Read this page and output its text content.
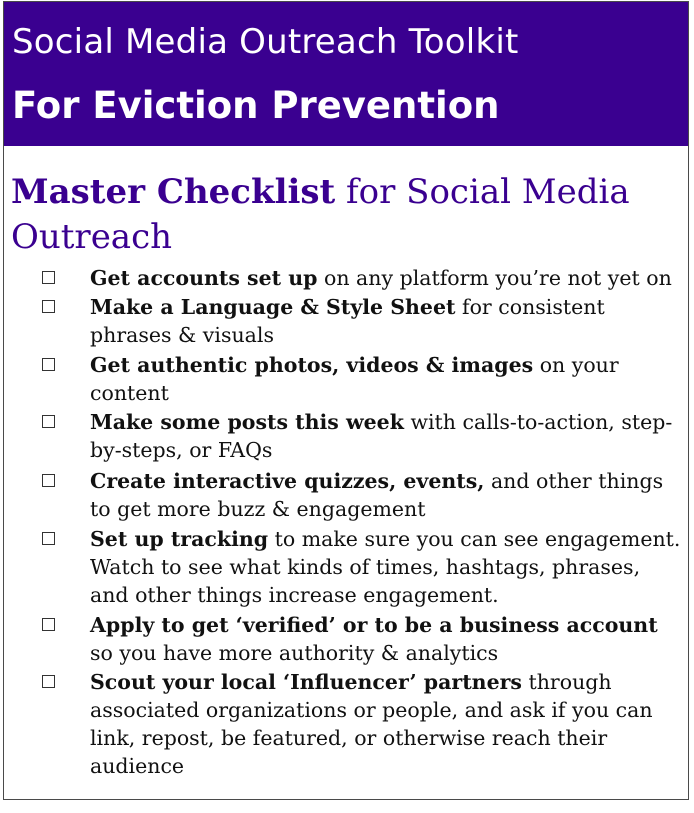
Social Media Outreach Toolkit
For Eviction Prevention
Master Checklist for Social Media Outreach
Get accounts set up on any platform you’re not yet on
Make a Language & Style Sheet for consistent phrases & visuals
Get authentic photos, videos & images on your content
Make some posts this week with calls-to-action, step-by-steps, or FAQs
Create interactive quizzes, events, and other things to get more buzz & engagement
Set up tracking to make sure you can see engagement. Watch to see what kinds of times, hashtags, phrases, and other things increase engagement.
Apply to get ‘verified’ or to be a business account so you have more authority & analytics
Scout your local ‘Influencer’ partners through associated organizations or people, and ask if you can link, repost, be featured, or otherwise reach their audience
